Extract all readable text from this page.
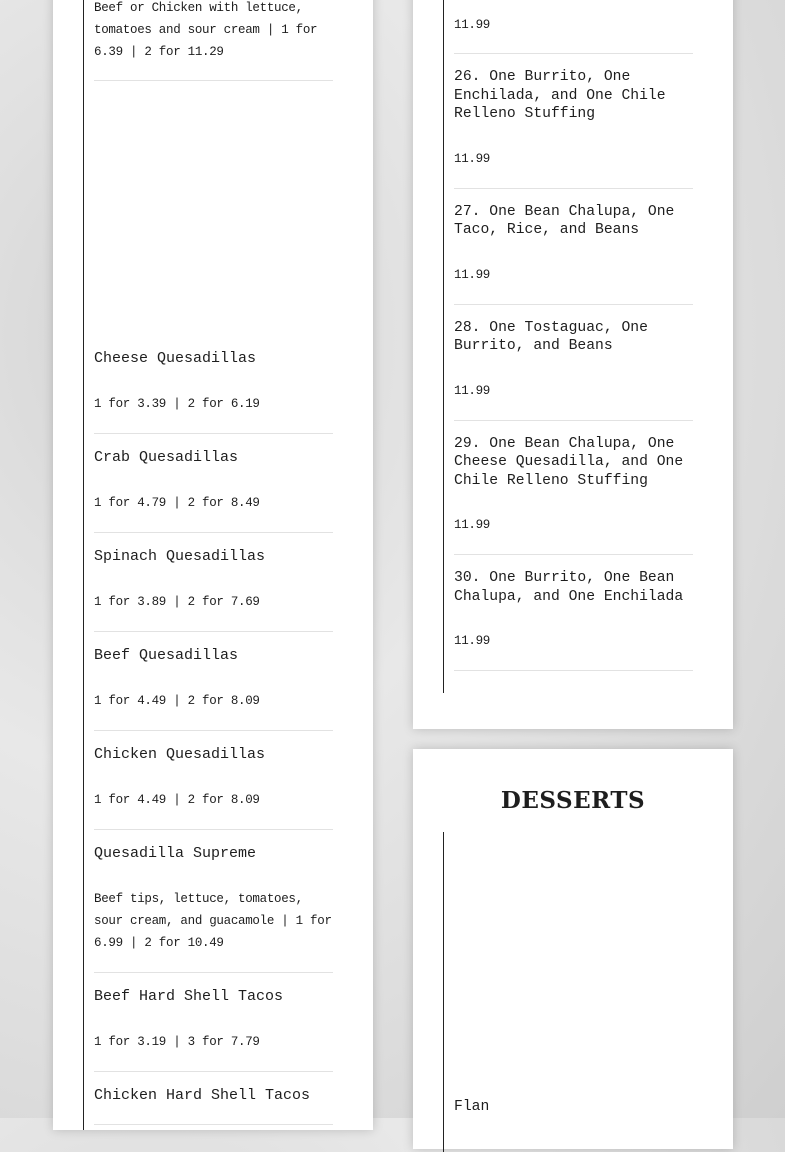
Beef or Chicken with lettuce, tomatoes and sour cream | 1 for 6.39 | 2 for 11.29
Cheese Quesadillas
1 for 3.39 | 2 for 6.19
Crab Quesadillas
1 for 4.79 | 2 for 8.49
Spinach Quesadillas
1 for 3.89 | 2 for 7.69
Beef Quesadillas
1 for 4.49 | 2 for 8.09
Chicken Quesadillas
1 for 4.49 | 2 for 8.09
Quesadilla Supreme
Beef tips, lettuce, tomatoes, sour cream, and guacamole | 1 for 6.99 | 2 for 10.49
Beef Hard Shell Tacos
1 for 3.19 | 3 for 7.79
Chicken Hard Shell Tacos
11.99
26. One Burrito, One Enchilada, and One Chile Relleno Stuffing
11.99
27. One Bean Chalupa, One Taco, Rice, and Beans
11.99
28. One Tostaguac, One Burrito, and Beans
11.99
29. One Bean Chalupa, One Cheese Quesadilla, and One Chile Relleno Stuffing
11.99
30. One Burrito, One Bean Chalupa, and One Enchilada
11.99
DESSERTS
Flan
